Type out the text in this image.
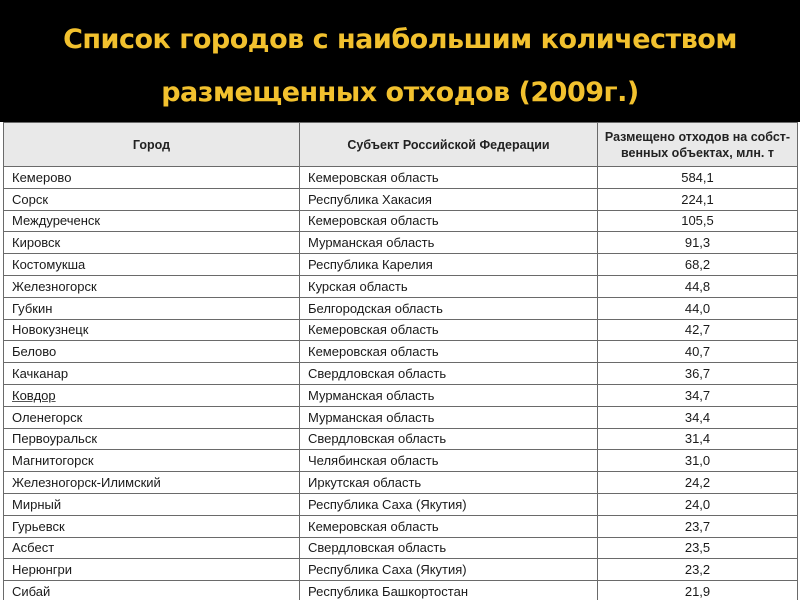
Список городов с наибольшим количеством
размещенных отходов (2009г.)
Город	Субъект Российской Федерации	Размещено отходов на собст-
венных объектах, млн. т
Кемерово	Кемеровская область	584,1
Сорск	Республика Хакасия	224,1
Междуреченск	Кемеровская область	105,5
Кировск	Мурманская область	91,3
Костомукша	Республика Карелия	68,2
Железногорск	Курская область	44,8
Губкин	Белгородская область	44,0
Новокузнецк	Кемеровская область	42,7
Белово	Кемеровская область	40,7
Качканар	Свердловская область	36,7
Ковдор	Мурманская область	34,7
Оленегорск	Мурманская область	34,4
Первоуральск	Свердловская область	31,4
Магнитогорск	Челябинская область	31,0
Железногорск-Илимский	Иркутская область	24,2
Мирный	Республика Саха (Якутия)	24,0
Гурьевск	Кемеровская область	23,7
Асбест	Свердловская область	23,5
Нерюнгри	Республика Саха (Якутия)	23,2
Сибай	Республика Башкортостан	21,9
